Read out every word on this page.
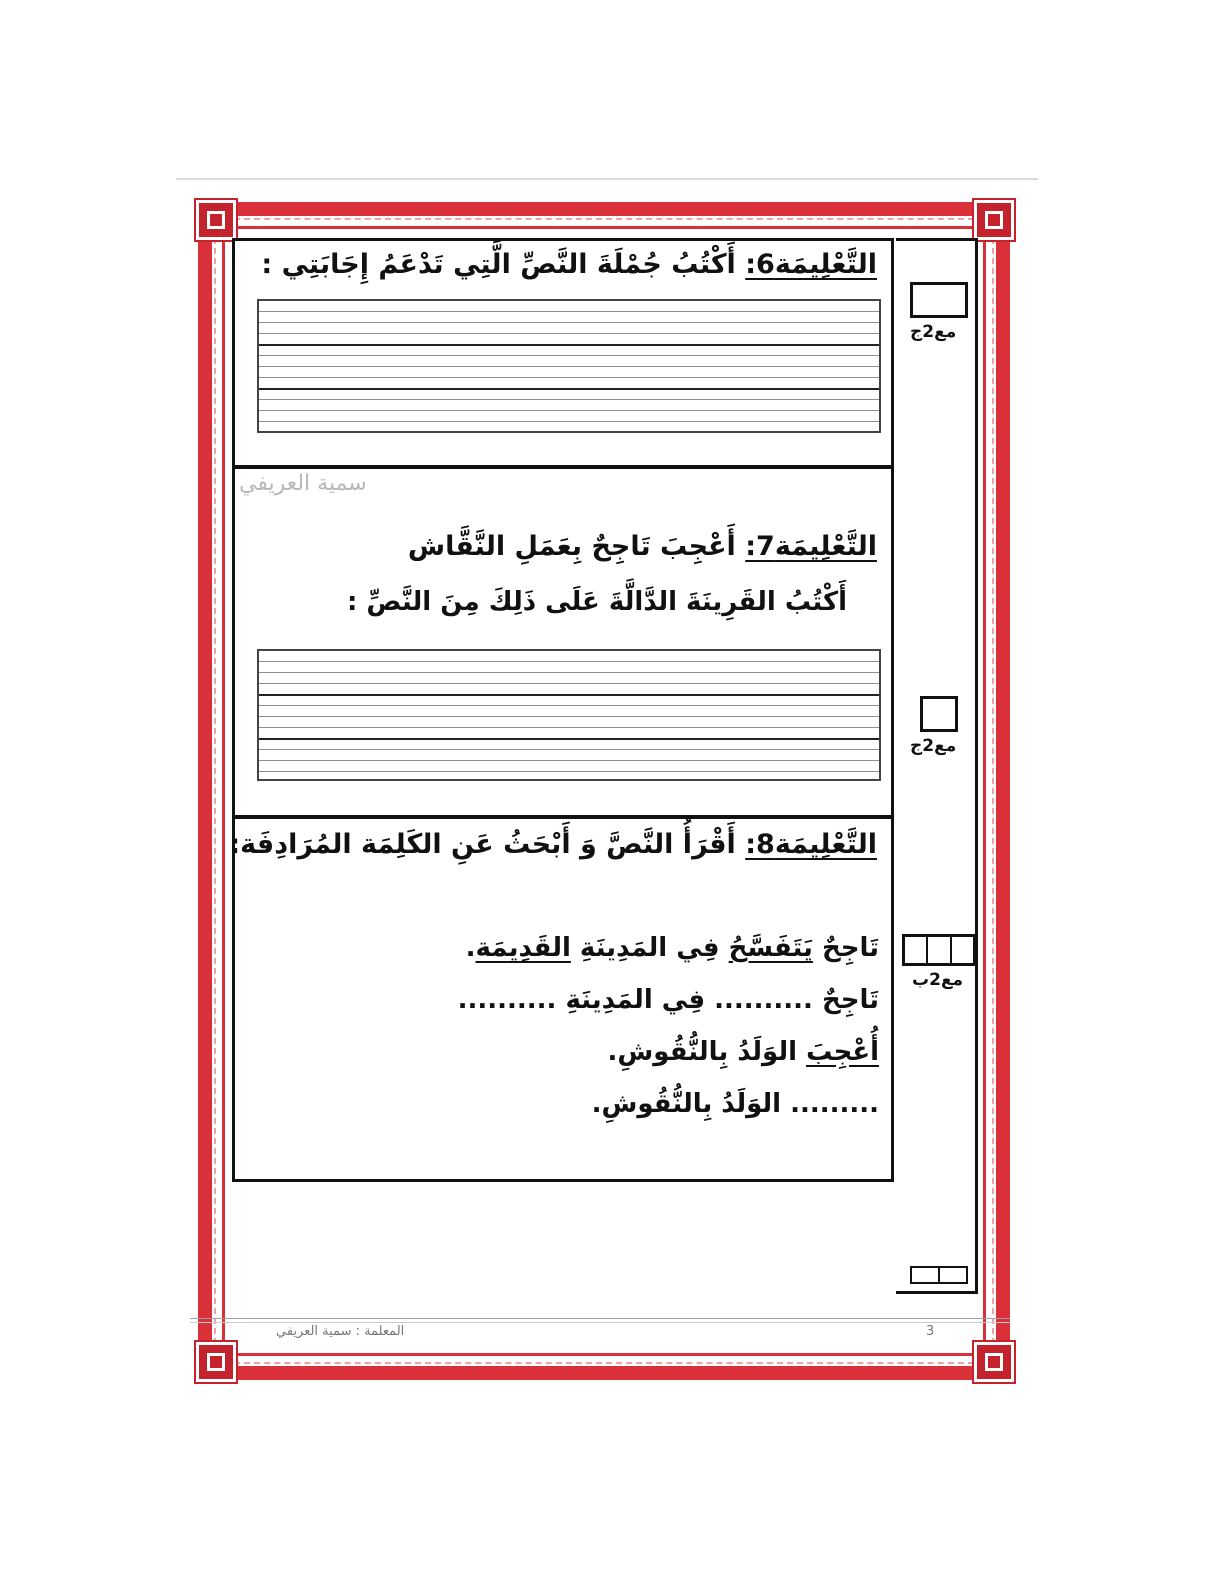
التَّعْلِيمَة6: أَكْتُبُ جُمْلَةَ النَّصِّ الَّتِي تَدْعَمُ إِجَابَتِي :
سمية العريفي
التَّعْلِيمَة7: أَعْجِبَ تَاجِحٌ بِعَمَلِ النَّقَّاش
أَكْتُبُ القَرِينَةَ الدَّالَّةَ عَلَى ذَلِكَ مِنَ النَّصِّ :
التَّعْلِيمَة8: أَقْرَأُ النَّصَّ وَ أَبْحَثُ عَنِ الكَلِمَة المُرَادِفَة:
تَاجِحٌ يَتَفَسَّحُ فِي المَدِينَةِ القَدِيمَة.
تَاجِحٌ .......... فِي المَدِينَةِ ..........
أُعْجِبَ الوَلَدُ بِالنُّقُوشِ.
......... الوَلَدُ بِالنُّقُوشِ.
مع2ج
مع2ج
مع2ب
المعلمة : سمية العريفي	3
